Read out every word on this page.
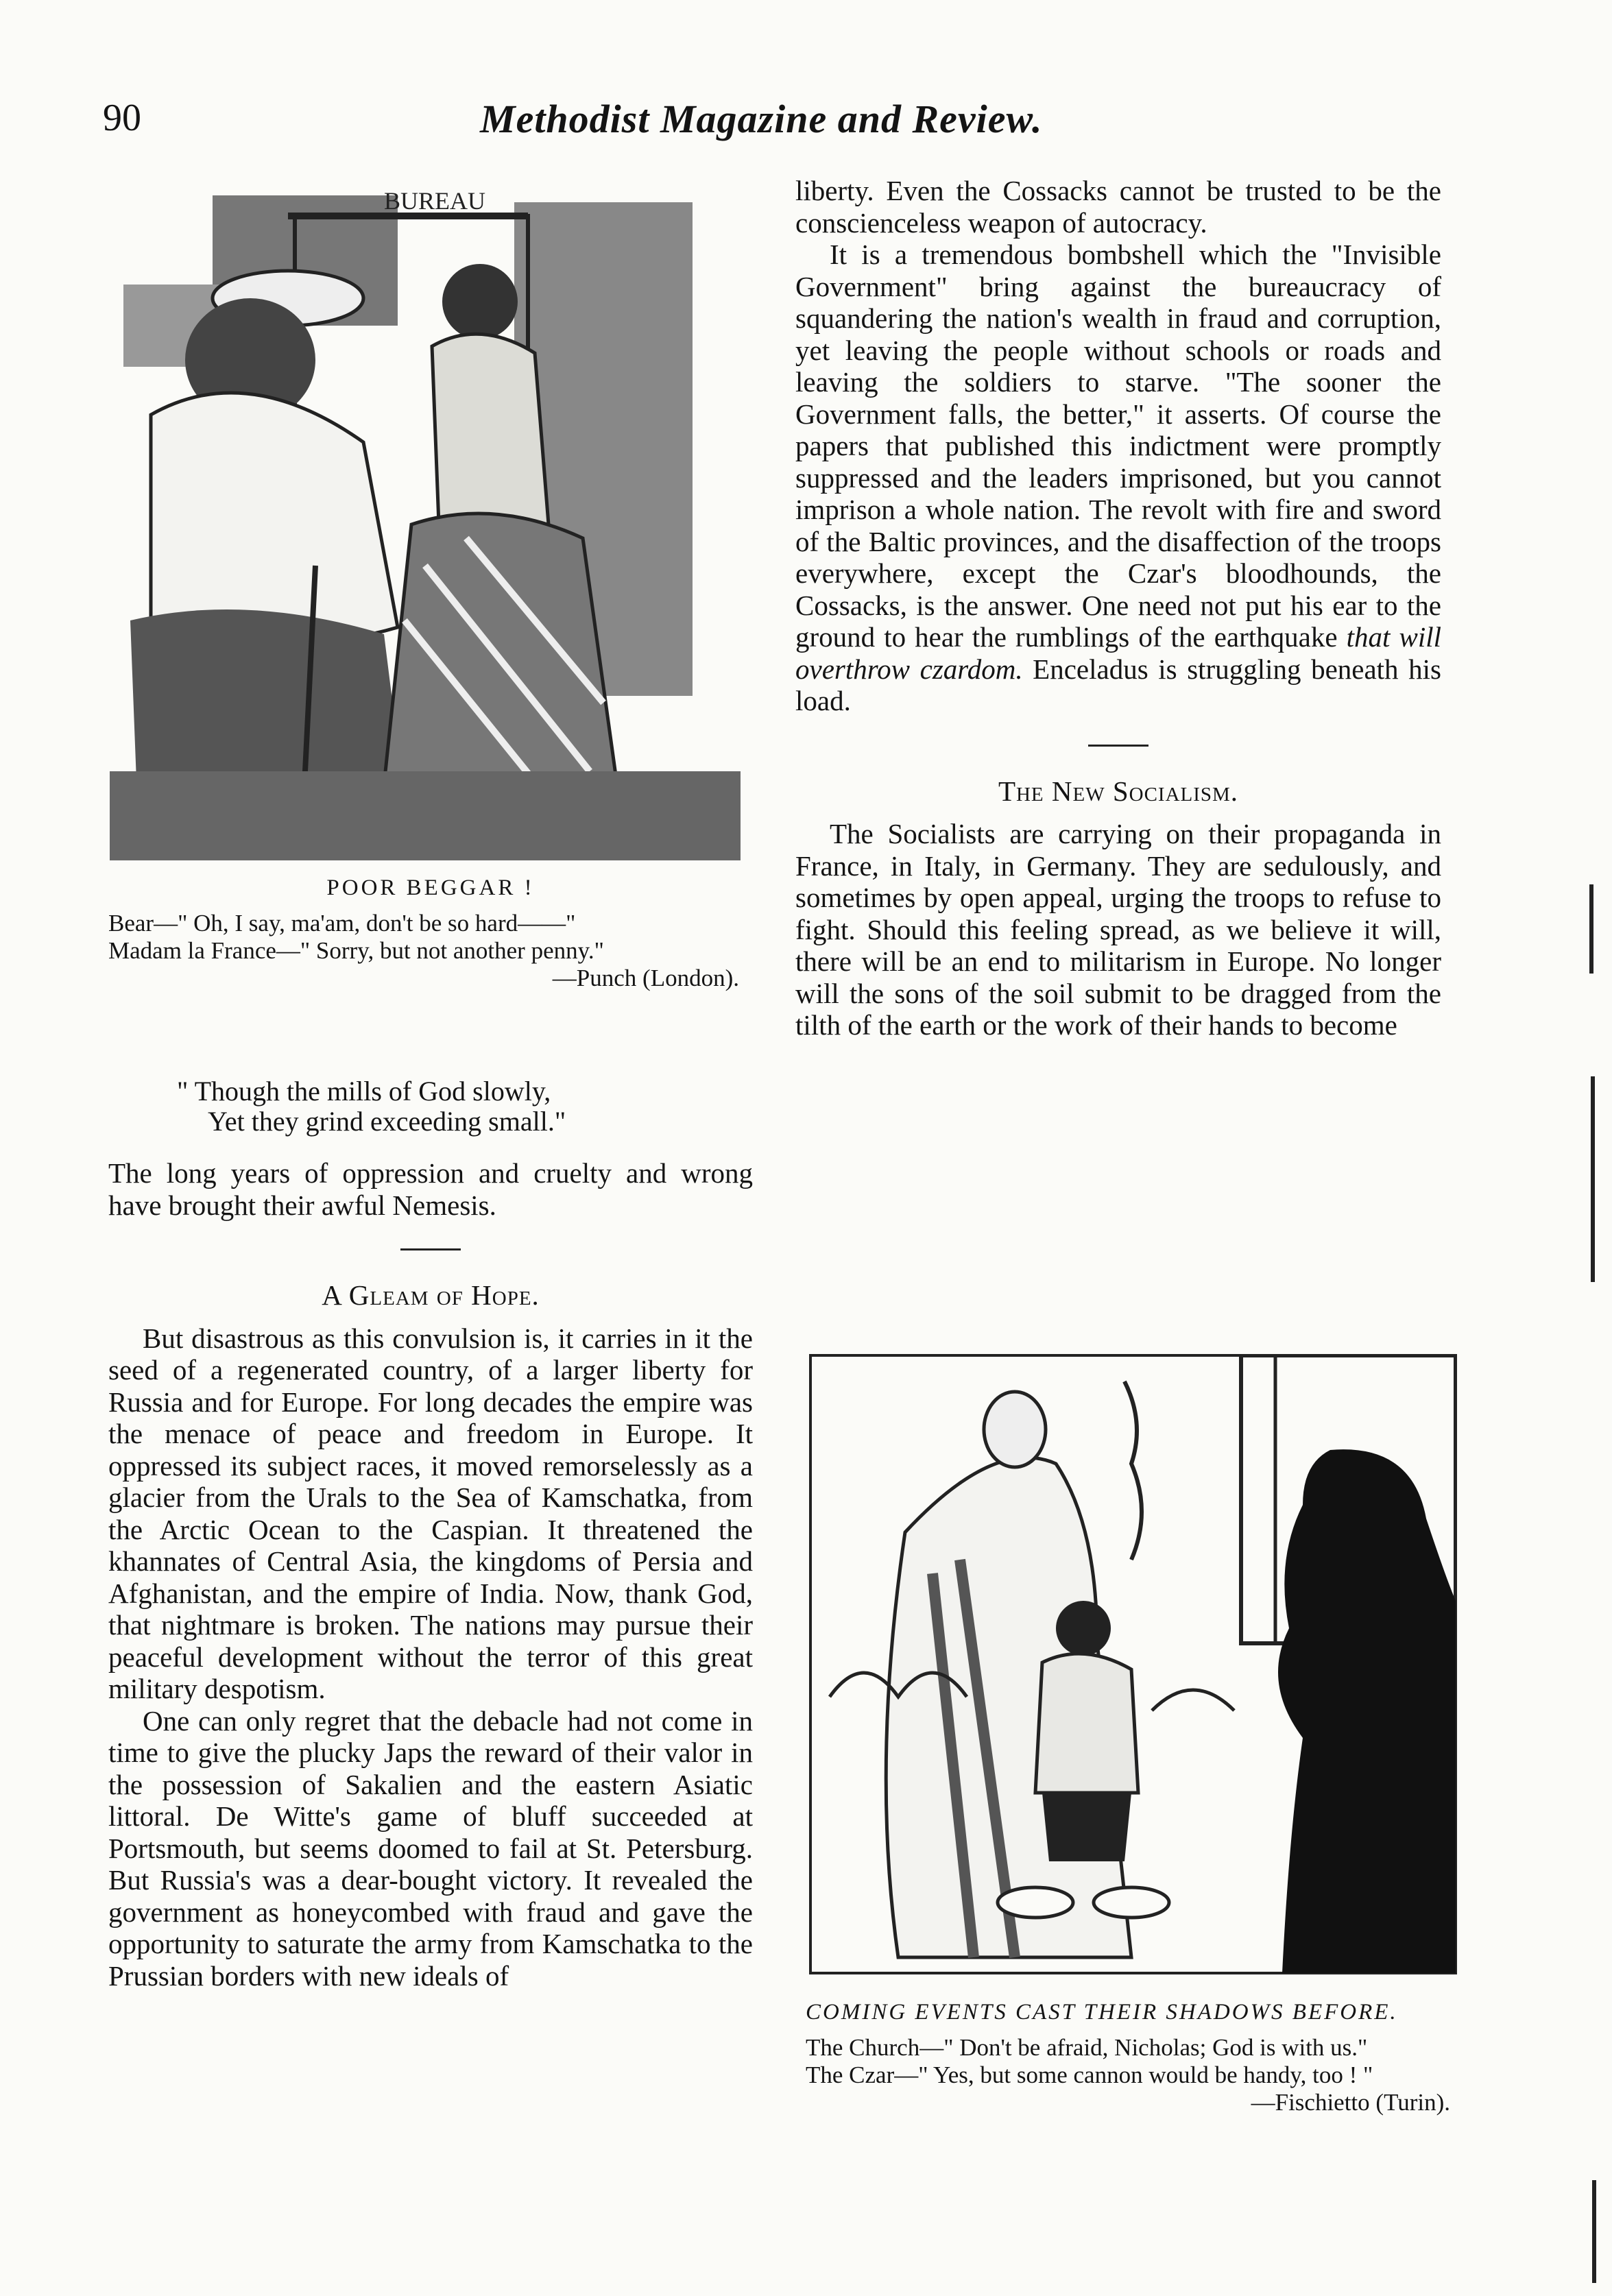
90	Methodist Magazine and Review.
BUREAU
POOR BEGGAR !
Bear—" Oh, I say, ma'am, don't be so hard——"
Madam la France—" Sorry, but not another penny."
—Punch (London).
" Though the mills of God slowly,
Yet they grind exceeding small."

The long years of oppression and cruelty and wrong have brought their awful Nemesis.

A Gleam of Hope.

But disastrous as this convulsion is, it carries in it the seed of a regenerated country, of a larger liberty for Russia and for Europe. For long decades the empire was the menace of peace and freedom in Europe. It oppressed its subject races, it moved remorselessly as a glacier from the Urals to the Sea of Kamschatka, from the Arctic Ocean to the Caspian. It threatened the khannates of Central Asia, the kingdoms of Persia and Afghanistan, and the empire of India. Now, thank God, that nightmare is broken. The nations may pursue their peaceful development without the terror of this great military despotism.

One can only regret that the debacle had not come in time to give the plucky Japs the reward of their valor in the possession of Sakalien and the eastern Asiatic littoral. De Witte's game of bluff succeeded at Portsmouth, but seems doomed to fail at St. Petersburg. But Russia's was a dear-bought victory. It revealed the government as honeycombed with fraud and gave the opportunity to saturate the army from Kamschatka to the Prussian borders with new ideals of

liberty. Even the Cossacks cannot be trusted to be the conscienceless weapon of autocracy.

It is a tremendous bombshell which the "Invisible Government" bring against the bureaucracy of squandering the nation's wealth in fraud and corruption, yet leaving the people without schools or roads and leaving the soldiers to starve. "The sooner the Government falls, the better," it asserts. Of course the papers that published this indictment were promptly suppressed and the leaders imprisoned, but you cannot imprison a whole nation. The revolt with fire and sword of the Baltic provinces, and the disaffection of the troops everywhere, except the Czar's bloodhounds, the Cossacks, is the answer. One need not put his ear to the ground to hear the rumblings of the earthquake that will overthrow czardom. Enceladus is struggling beneath his load.

The New Socialism.

The Socialists are carrying on their propaganda in France, in Italy, in Germany. They are sedulously, and sometimes by open appeal, urging the troops to refuse to fight. Should this feeling spread, as we believe it will, there will be an end to militarism in Europe. No longer will the sons of the soil submit to be dragged from the tilth of the earth or the work of their hands to become

COMING EVENTS CAST THEIR SHADOWS BEFORE.
The Church—" Don't be afraid, Nicholas; God is with us."
The Czar—" Yes, but some cannon would be handy, too ! "
—Fischietto (Turin).
